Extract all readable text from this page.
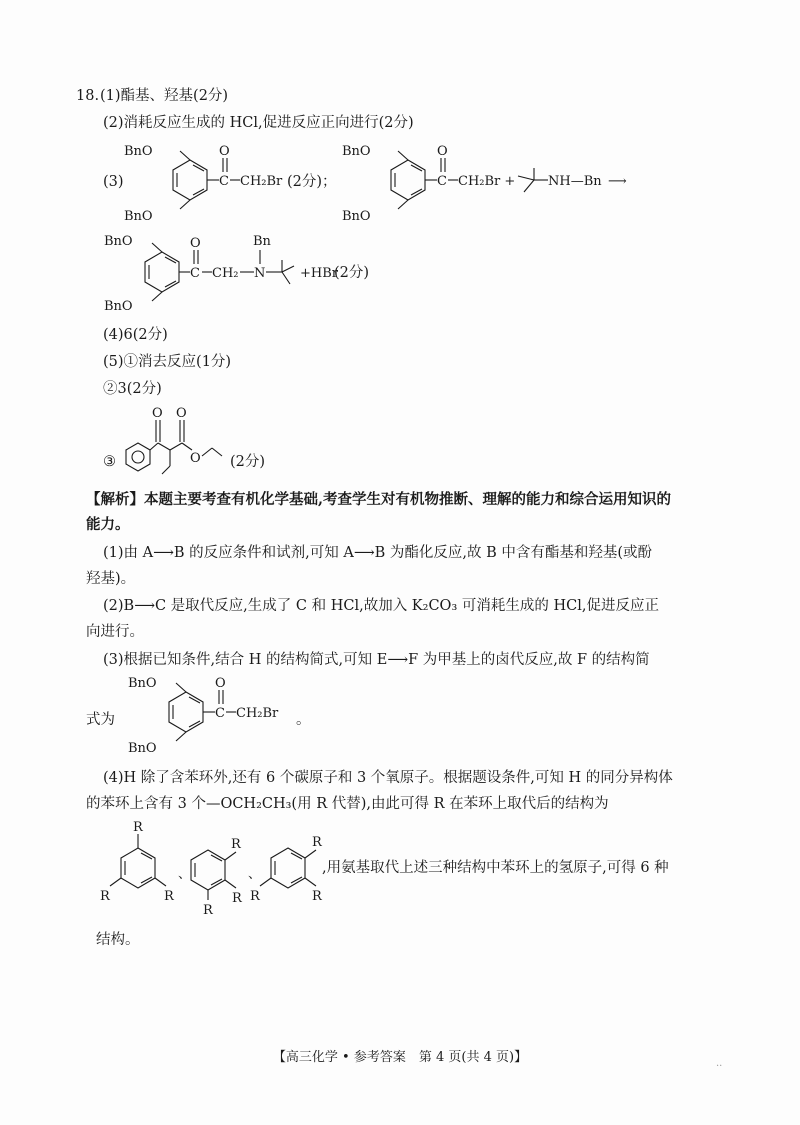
18. (1)酯基、羟基(2分)
(2)消耗反应生成的 HCl,促进反应正向进行(2分)
(3)
BnO
BnO
C
O
CH₂Br (2分)；
BnO
BnO
C
O
CH₂Br +	NH—Bn ⟶
BnO
BnO
C
O
CH₂ N
Bn
+HBr
(2分)
(4)6(2分)
(5)①消去反应(1分)
②3(2分)
③
O O
O (2分)
【解析】本题主要考查有机化学基础,考查学生对有机物推断、理解的能力和综合运用知识的
能力。
(1)由 A⟶B 的反应条件和试剂,可知 A⟶B 为酯化反应,故 B 中含有酯基和羟基(或酚
羟基)。
(2)B⟶C 是取代反应,生成了 C 和 HCl,故加入 K₂CO₃ 可消耗生成的 HCl,促进反应正
向进行。
(3)根据已知条件,结合 H 的结构简式,可知 E⟶F 为甲基上的卤代反应,故 F 的结构简
式为
BnO
BnO
C
O
CH₂Br 。
(4)H 除了含苯环外,还有 6 个碳原子和 3 个氧原子。根据题设条件,可知 H 的同分异构体
的苯环上含有 3 个—OCH₂CH₃(用 R 代替),由此可得 R 在苯环上取代后的结构为
R
R	R
、
R
R
R
、
R
R
R
,用氨基取代上述三种结构中苯环上的氢原子,可得 6 种
结构。
【高三化学 • 参考答案　第 4 页(共 4 页)】	..
